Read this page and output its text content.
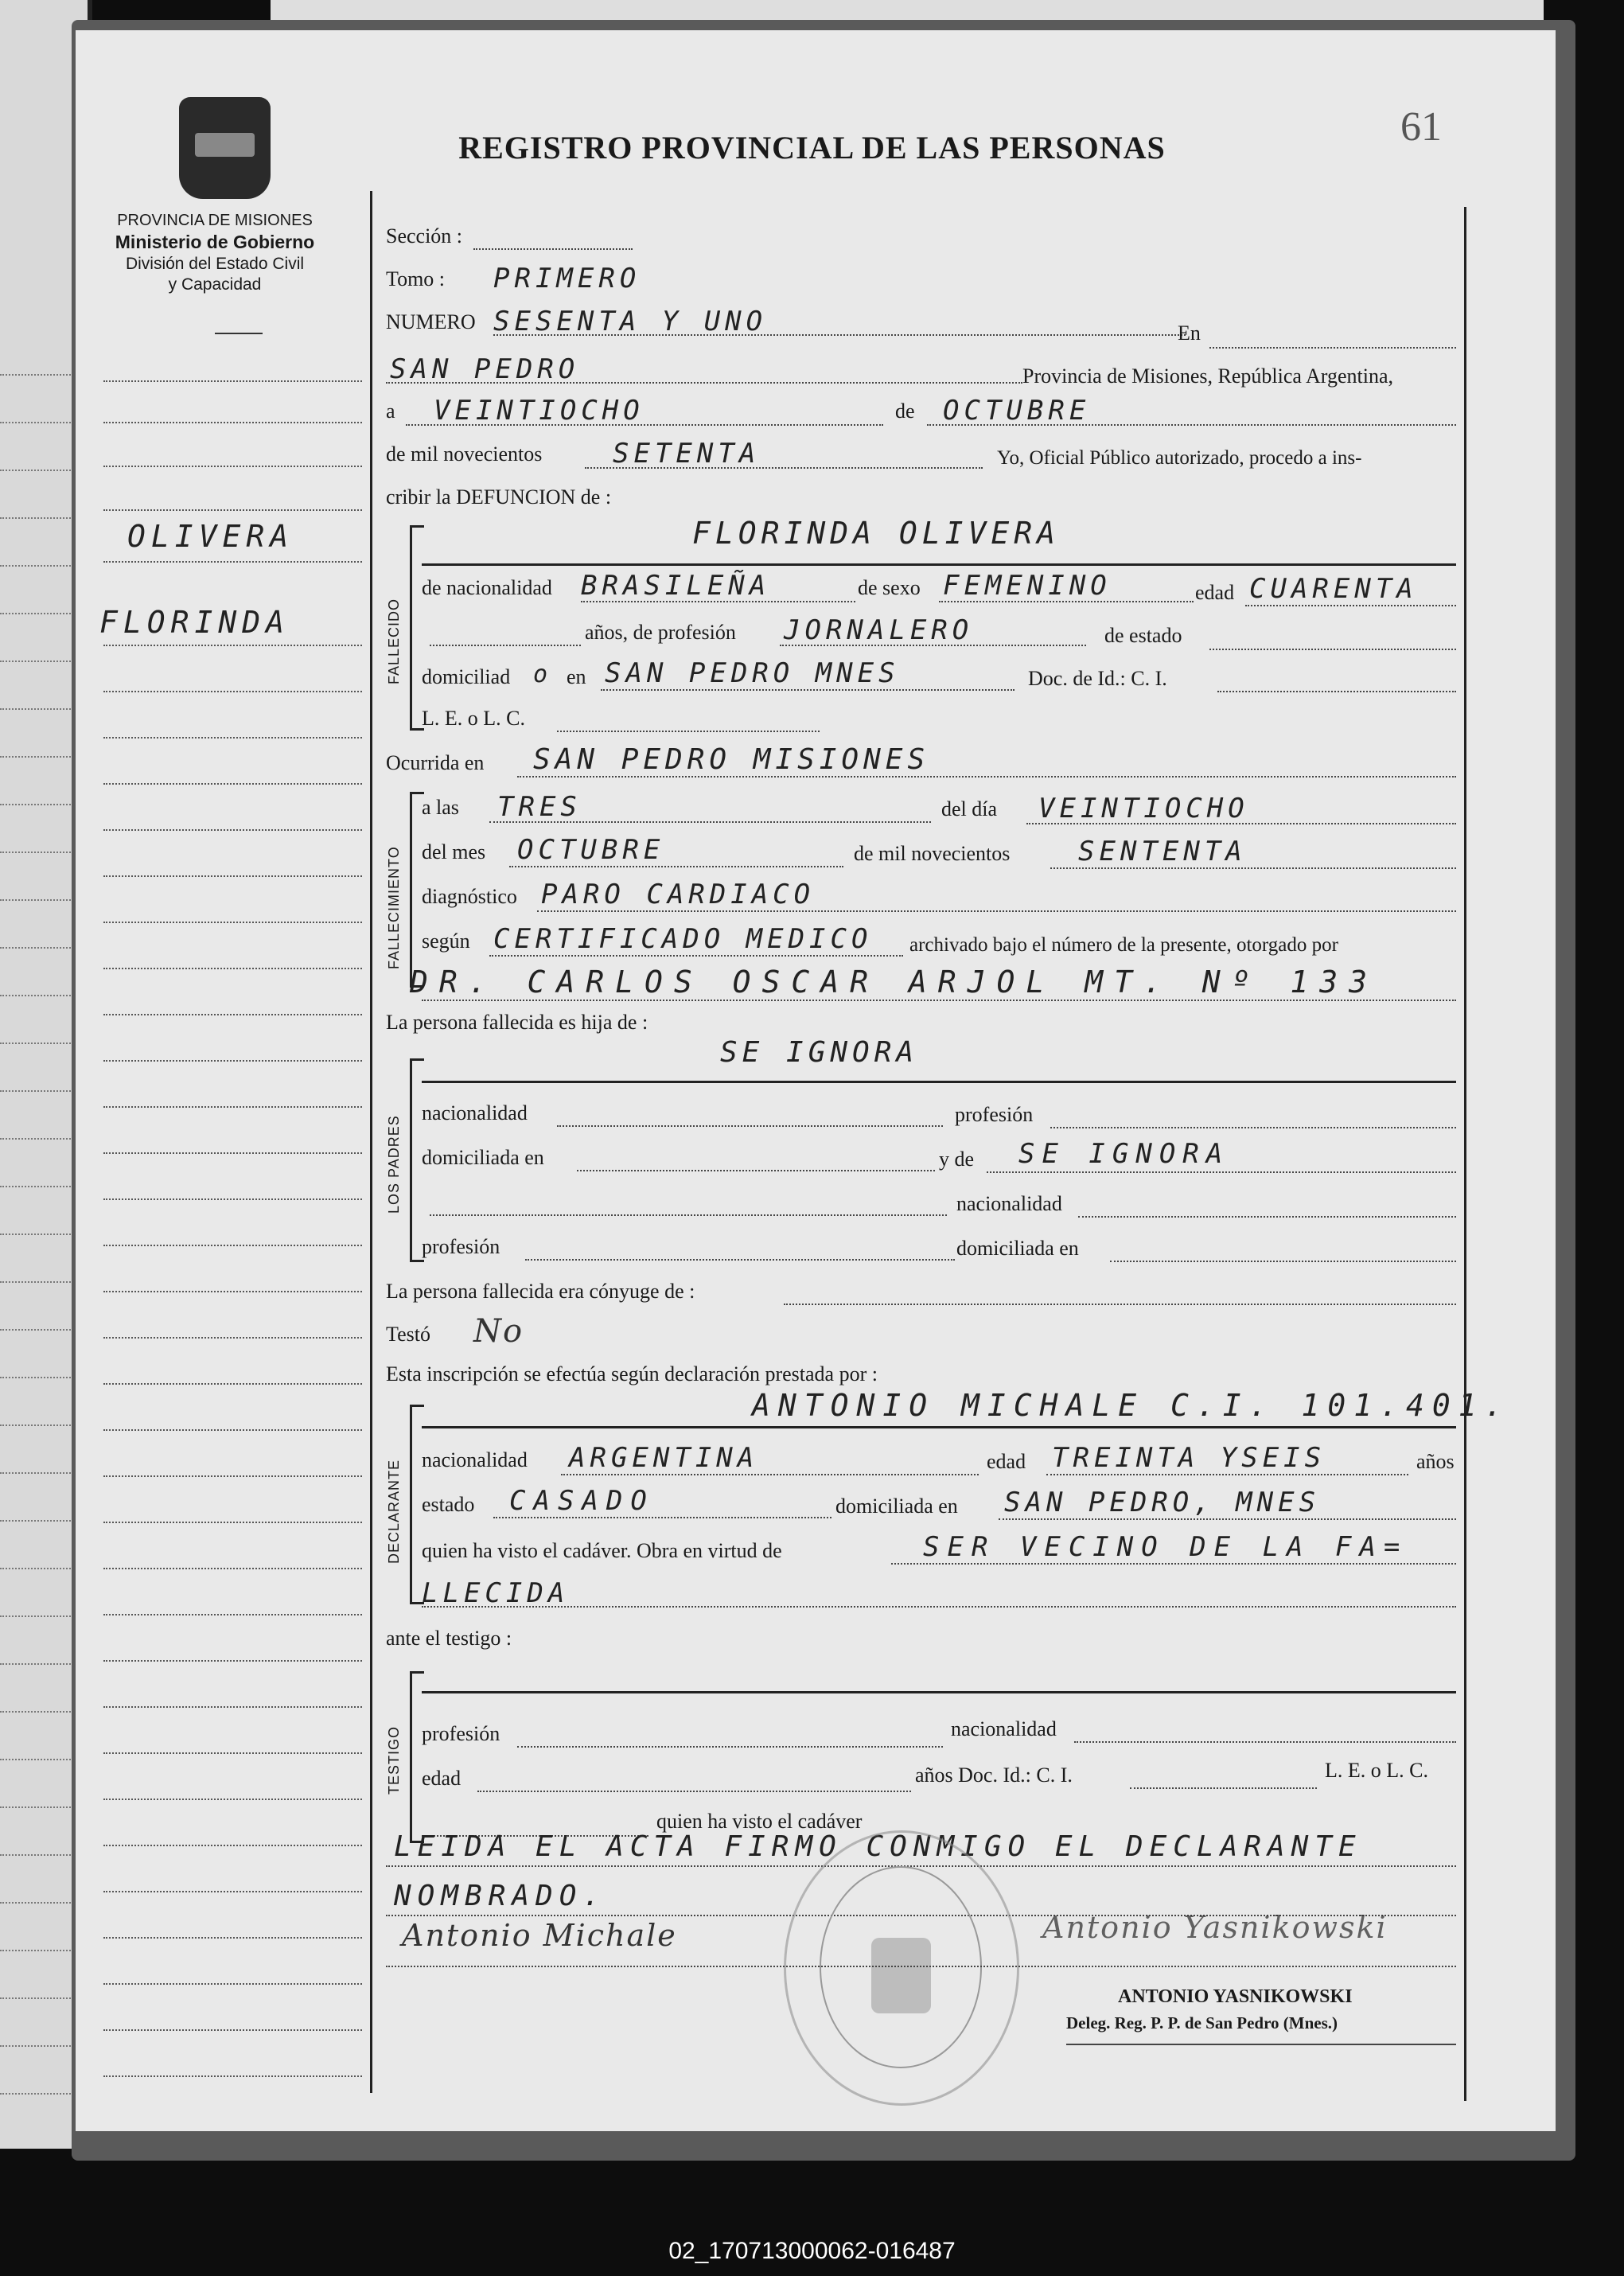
PROVINCIA DE MISIONES
Ministerio de Gobierno
División del Estado Civil
y Capacidad
REGISTRO PROVINCIAL DE LAS PERSONAS	61
OLIVERA
FLORINDA
Sección :
Tomo : PRIMERO
NUMERO SESENTA Y UNO	En
SAN PEDRO	Provincia de Misiones, República Argentina,
a VEINTIOCHO	de OCTUBRE
de mil novecientos	SETENTA	Yo, Oficial Público autorizado, procedo a ins-
cribir la DEFUNCION de :
FALLECIDO
FLORINDA OLIVERA
de nacionalidad BRASILEÑA	de sexo FEMENINO	edad CUARENTA
años, de profesión JORNALERO	de estado
domiciliad o en SAN PEDRO MNES	Doc. de Id.: C. I.
L. E. o L. C.
Ocurrida en SAN PEDRO MISIONES
FALLECIMIENTO
a las TRES	del día VEINTIOCHO
del mes OCTUBRE	de mil novecientos	SENTENTA
diagnóstico PARO CARDIACO
según CERTIFICADO MEDICO archivado bajo el número de la presente, otorgado por
DR. CARLOS OSCAR ARJOL MT. Nº 133
La persona fallecida es hija de :
SE IGNORA
LOS PADRES
nacionalidad	profesión
domiciliada en	y de SE IGNORA
nacionalidad
profesión	domiciliada en
La persona fallecida era cónyuge de :
Testó No
Esta inscripción se efectúa según declaración prestada por :
ANTONIO MICHALE C.I. 101.401.
DECLARANTE nacionalidad ARGENTINA	edad TREINTA YSEIS	años
estado CASADO	domiciliada en SAN PEDRO, MNES
quien ha visto el cadáver. Obra en virtud de	SER VECINO DE LA FA=
LLECIDA
ante el testigo :
TESTIGO profesión	nacionalidad
edad	años Doc. Id.: C. I.	L. E. o L. C.
quien ha visto el cadáver
LEIDA EL ACTA FIRMO CONMIGO EL DECLARANTE
NOMBRADO.
Antonio Michale	Antonio Yasnikowski
ANTONIO YASNIKOWSKI
Deleg. Reg. P. P. de San Pedro (Mnes.)
02_170713000062-016487
